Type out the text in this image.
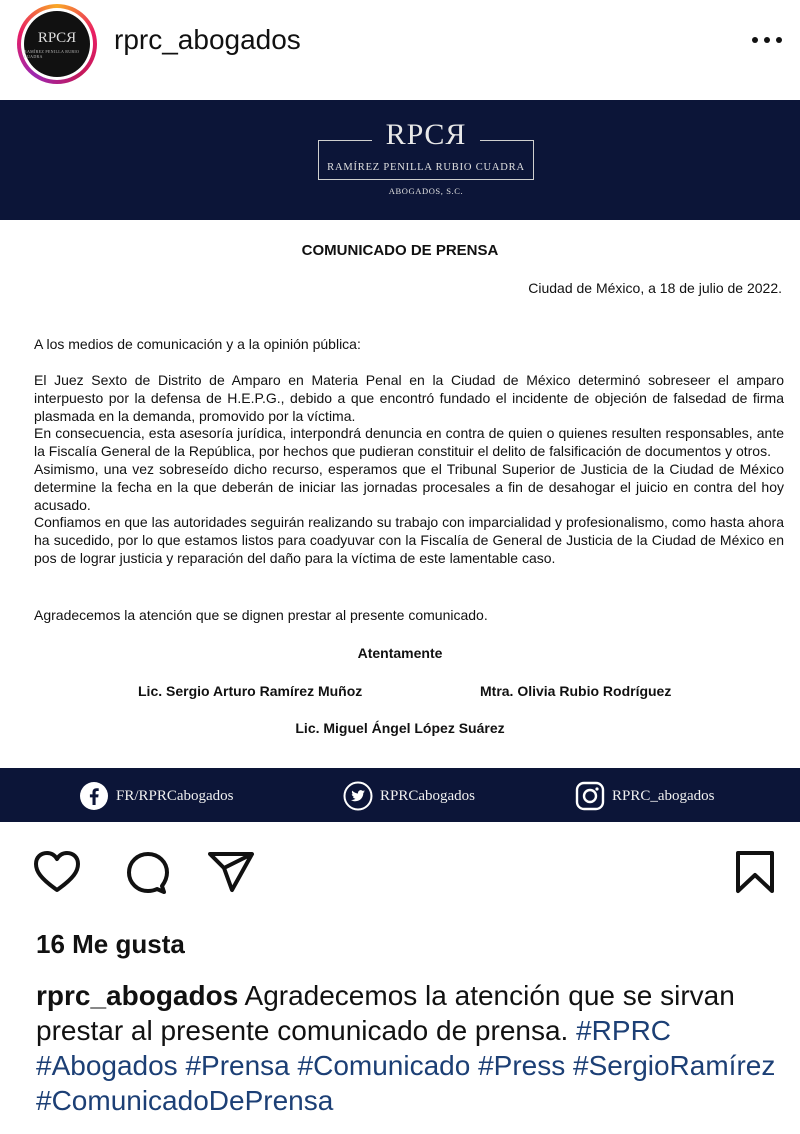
RPCЯ
RAMÍREZ PENILLA RUBIO CUADRA
rprc_abogados
RPCЯ
RAMÍREZ PENILLA RUBIO CUADRA
ABOGADOS, S.C.
COMUNICADO DE PRENSA
Ciudad de México, a 18 de julio de 2022.
A los medios de comunicación y a la opinión pública:

El Juez Sexto de Distrito de Amparo en Materia Penal en la Ciudad de México determinó sobreseer el amparo interpuesto por la defensa de H.E.P.G., debido a que encontró fundado el incidente de objeción de falsedad de firma plasmada en la demanda, promovido por la víctima.

En consecuencia, esta asesoría jurídica, interpondrá denuncia en contra de quien o quienes resulten responsables, ante la Fiscalía General de la República, por hechos que pudieran constituir el delito de falsificación de documentos y otros.

Asimismo, una vez sobreseído dicho recurso, esperamos que el Tribunal Superior de Justicia de la Ciudad de México determine la fecha en la que deberán de iniciar las jornadas procesales a fin de desahogar el juicio en contra del hoy acusado.

Confiamos en que las autoridades seguirán realizando su trabajo con imparcialidad y profesionalismo, como hasta ahora ha sucedido, por lo que estamos listos para coadyuvar con la Fiscalía de General de Justicia de la Ciudad de México en pos de lograr justicia y reparación del daño para la víctima de este lamentable caso.

Agradecemos la atención que se dignen prestar al presente comunicado.
Atentamente
Lic. Sergio Arturo Ramírez Muñoz	Mtra. Olivia Rubio Rodríguez
Lic. Miguel Ángel López Suárez
FR/RPRCabogados	RPRCabogados	RPRC_abogados
16 Me gusta
rprc_abogados Agradecemos la atención que se sirvan prestar al presente comunicado de prensa. #RPRC #Abogados #Prensa #Comunicado #Press #SergioRamírez #ComunicadoDePrensa
